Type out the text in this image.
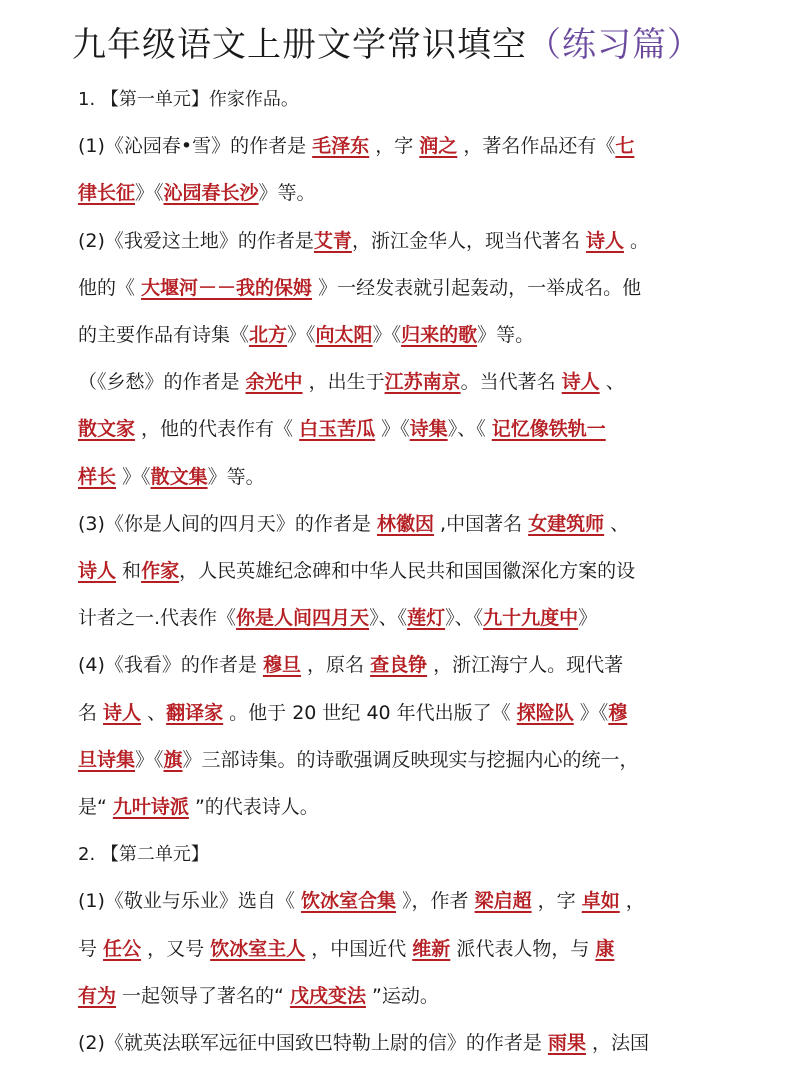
九年级语文上册文学常识填空（练习篇）
1. 【第一单元】作家作品。
(1)《沁园春•雪》的作者是 毛泽东 ，字 润之 ，著名作品还有《七
律长征》《沁园春长沙》等。
(2)《我爱这土地》的作者是艾青，浙江金华人，现当代著名 诗人 。
他的《 大堰河－－我的保姆 》一经发表就引起轰动，一举成名。他
的主要作品有诗集《北方》《向太阳》《归来的歌》等。
（《乡愁》的作者是 余光中 ，出生于江苏南京。当代著名 诗人 、
散文家 ，他的代表作有《 白玉苦瓜 》《诗集》、《 记忆像铁轨一
样长 》《散文集》等。
(3)《你是人间的四月天》的作者是 林徽因 ,中国著名 女建筑师 、
诗人 和作家，人民英雄纪念碑和中华人民共和国国徽深化方案的设
计者之一.代表作《你是人间四月天》、《莲灯》、《九十九度中》
(4)《我看》的作者是 穆旦 ，原名 查良铮 ，浙江海宁人。现代著
名 诗人 、翻译家 。他于 20 世纪 40 年代出版了《 探险队 》《穆
旦诗集》《旗》三部诗集。的诗歌强调反映现实与挖掘内心的统一，
是“ 九叶诗派 ”的代表诗人。
2. 【第二单元】
(1)《敬业与乐业》选自《 饮冰室合集 》，作者 梁启超 ，字 卓如 ，
号 任公 ，又号 饮冰室主人 ，中国近代 维新 派代表人物，与 康
有为 一起领导了著名的“ 戊戌变法 ”运动。
(2)《就英法联军远征中国致巴特勒上尉的信》的作者是 雨果 ，法国
